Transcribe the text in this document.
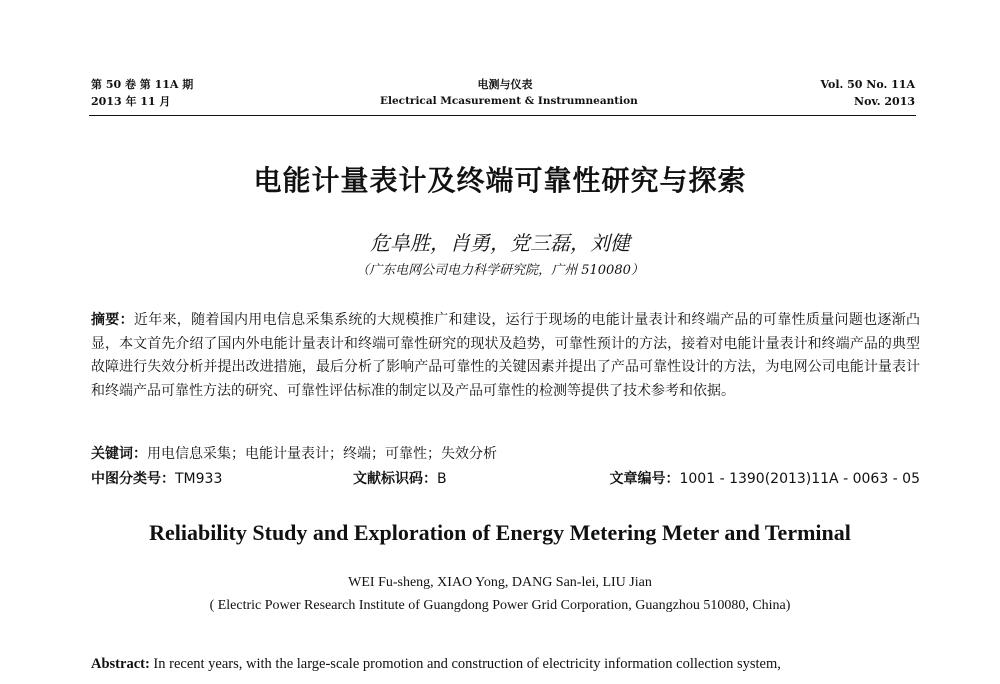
第 50 卷 第 11A 期
2013 年 11 月
电测与仪表
Electrical Mcasurement & Instrumneantion
Vol. 50 No. 11A
Nov. 2013
电能计量表计及终端可靠性研究与探索
危阜胜，肖勇，党三磊，刘健
（广东电网公司电力科学研究院，广州 510080）
摘要：近年来，随着国内用电信息采集系统的大规模推广和建设，运行于现场的电能计量表计和终端产品的可靠性质量问题也逐渐凸显，本文首先介绍了国内外电能计量表计和终端可靠性研究的现状及趋势，可靠性预计的方法，接着对电能计量表计和终端产品的典型故障进行失效分析并提出改进措施，最后分析了影响产品可靠性的关键因素并提出了产品可靠性设计的方法，为电网公司电能计量表计和终端产品可靠性方法的研究、可靠性评估标准的制定以及产品可靠性的检测等提供了技术参考和依据。
关键词：用电信息采集；电能计量表计；终端；可靠性；失效分析
中图分类号：TM933	文献标识码：B	文章编号：1001 - 1390(2013)11A - 0063 - 05
Reliability Study and Exploration of Energy Metering Meter and Terminal
WEI Fu-sheng, XIAO Yong, DANG San-lei, LIU Jian
( Electric Power Research Institute of Guangdong Power Grid Corporation, Guangzhou 510080, China)
Abstract: In recent years, with the large-scale promotion and construction of electricity information collection system,
